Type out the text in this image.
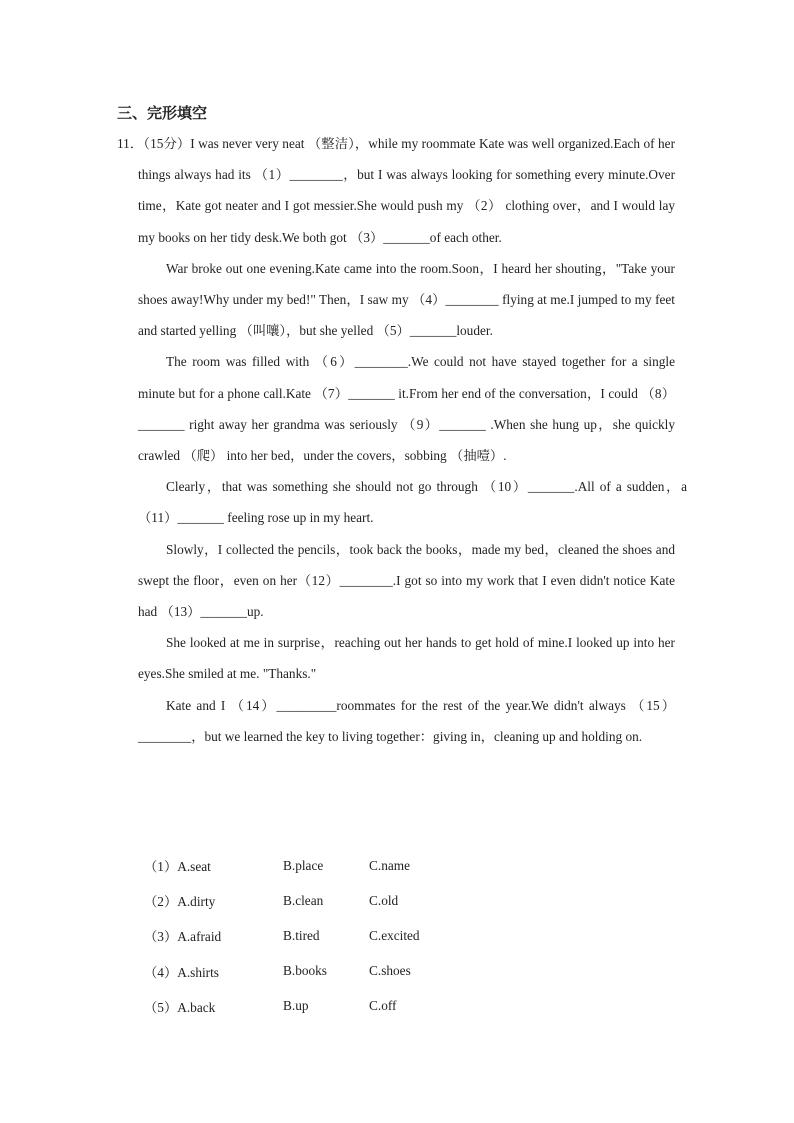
三、完形填空

11．（15分）I was never very neat （整洁），while my roommate Kate was well organized.Each of her things always had its （1）________，but I was always looking for something every minute.Over time，Kate got neater and I got messier.She would push my （2） clothing over，and I would lay my books on her tidy desk.We both got （3）_______of each other.

War broke out one evening.Kate came into the room.Soon，I heard her shouting，"Take your shoes away!Why under my bed!" Then，I saw my （4）________ flying at me.I jumped to my feet and started yelling （叫嚷），but she yelled （5）_______louder.

The room was filled with （6）________.We could not have stayed together for a single minute but for a phone call.Kate （7）_______ it.From her end of the conversation，I could （8）_______ right away her grandma was seriously （9）_______ .When she hung up，she quickly crawled （爬） into her bed，under the covers，sobbing （抽噎）.

Clearly，that was something she should not go through （10）_______.All of a sudden，a （11）_______ feeling rose up in my heart.

Slowly，I collected the pencils，took back the books，made my bed，cleaned the shoes and swept the floor，even on her（12）________.I got so into my work that I even didn't notice Kate had （13）_______up.

She looked at me in surprise，reaching out her hands to get hold of mine.I looked up into her eyes.She smiled at me. "Thanks."

Kate and I （14）_________roommates for the rest of the year.We didn't always （15）________，but we learned the key to living together：giving in，cleaning up and holding on.

（1）A.seat	B.place	C.name
（2）A.dirty	B.clean	C.old
（3）A.afraid	B.tired	C.excited
（4）A.shirts	B.books	C.shoes
（5）A.back	B.up	C.off
